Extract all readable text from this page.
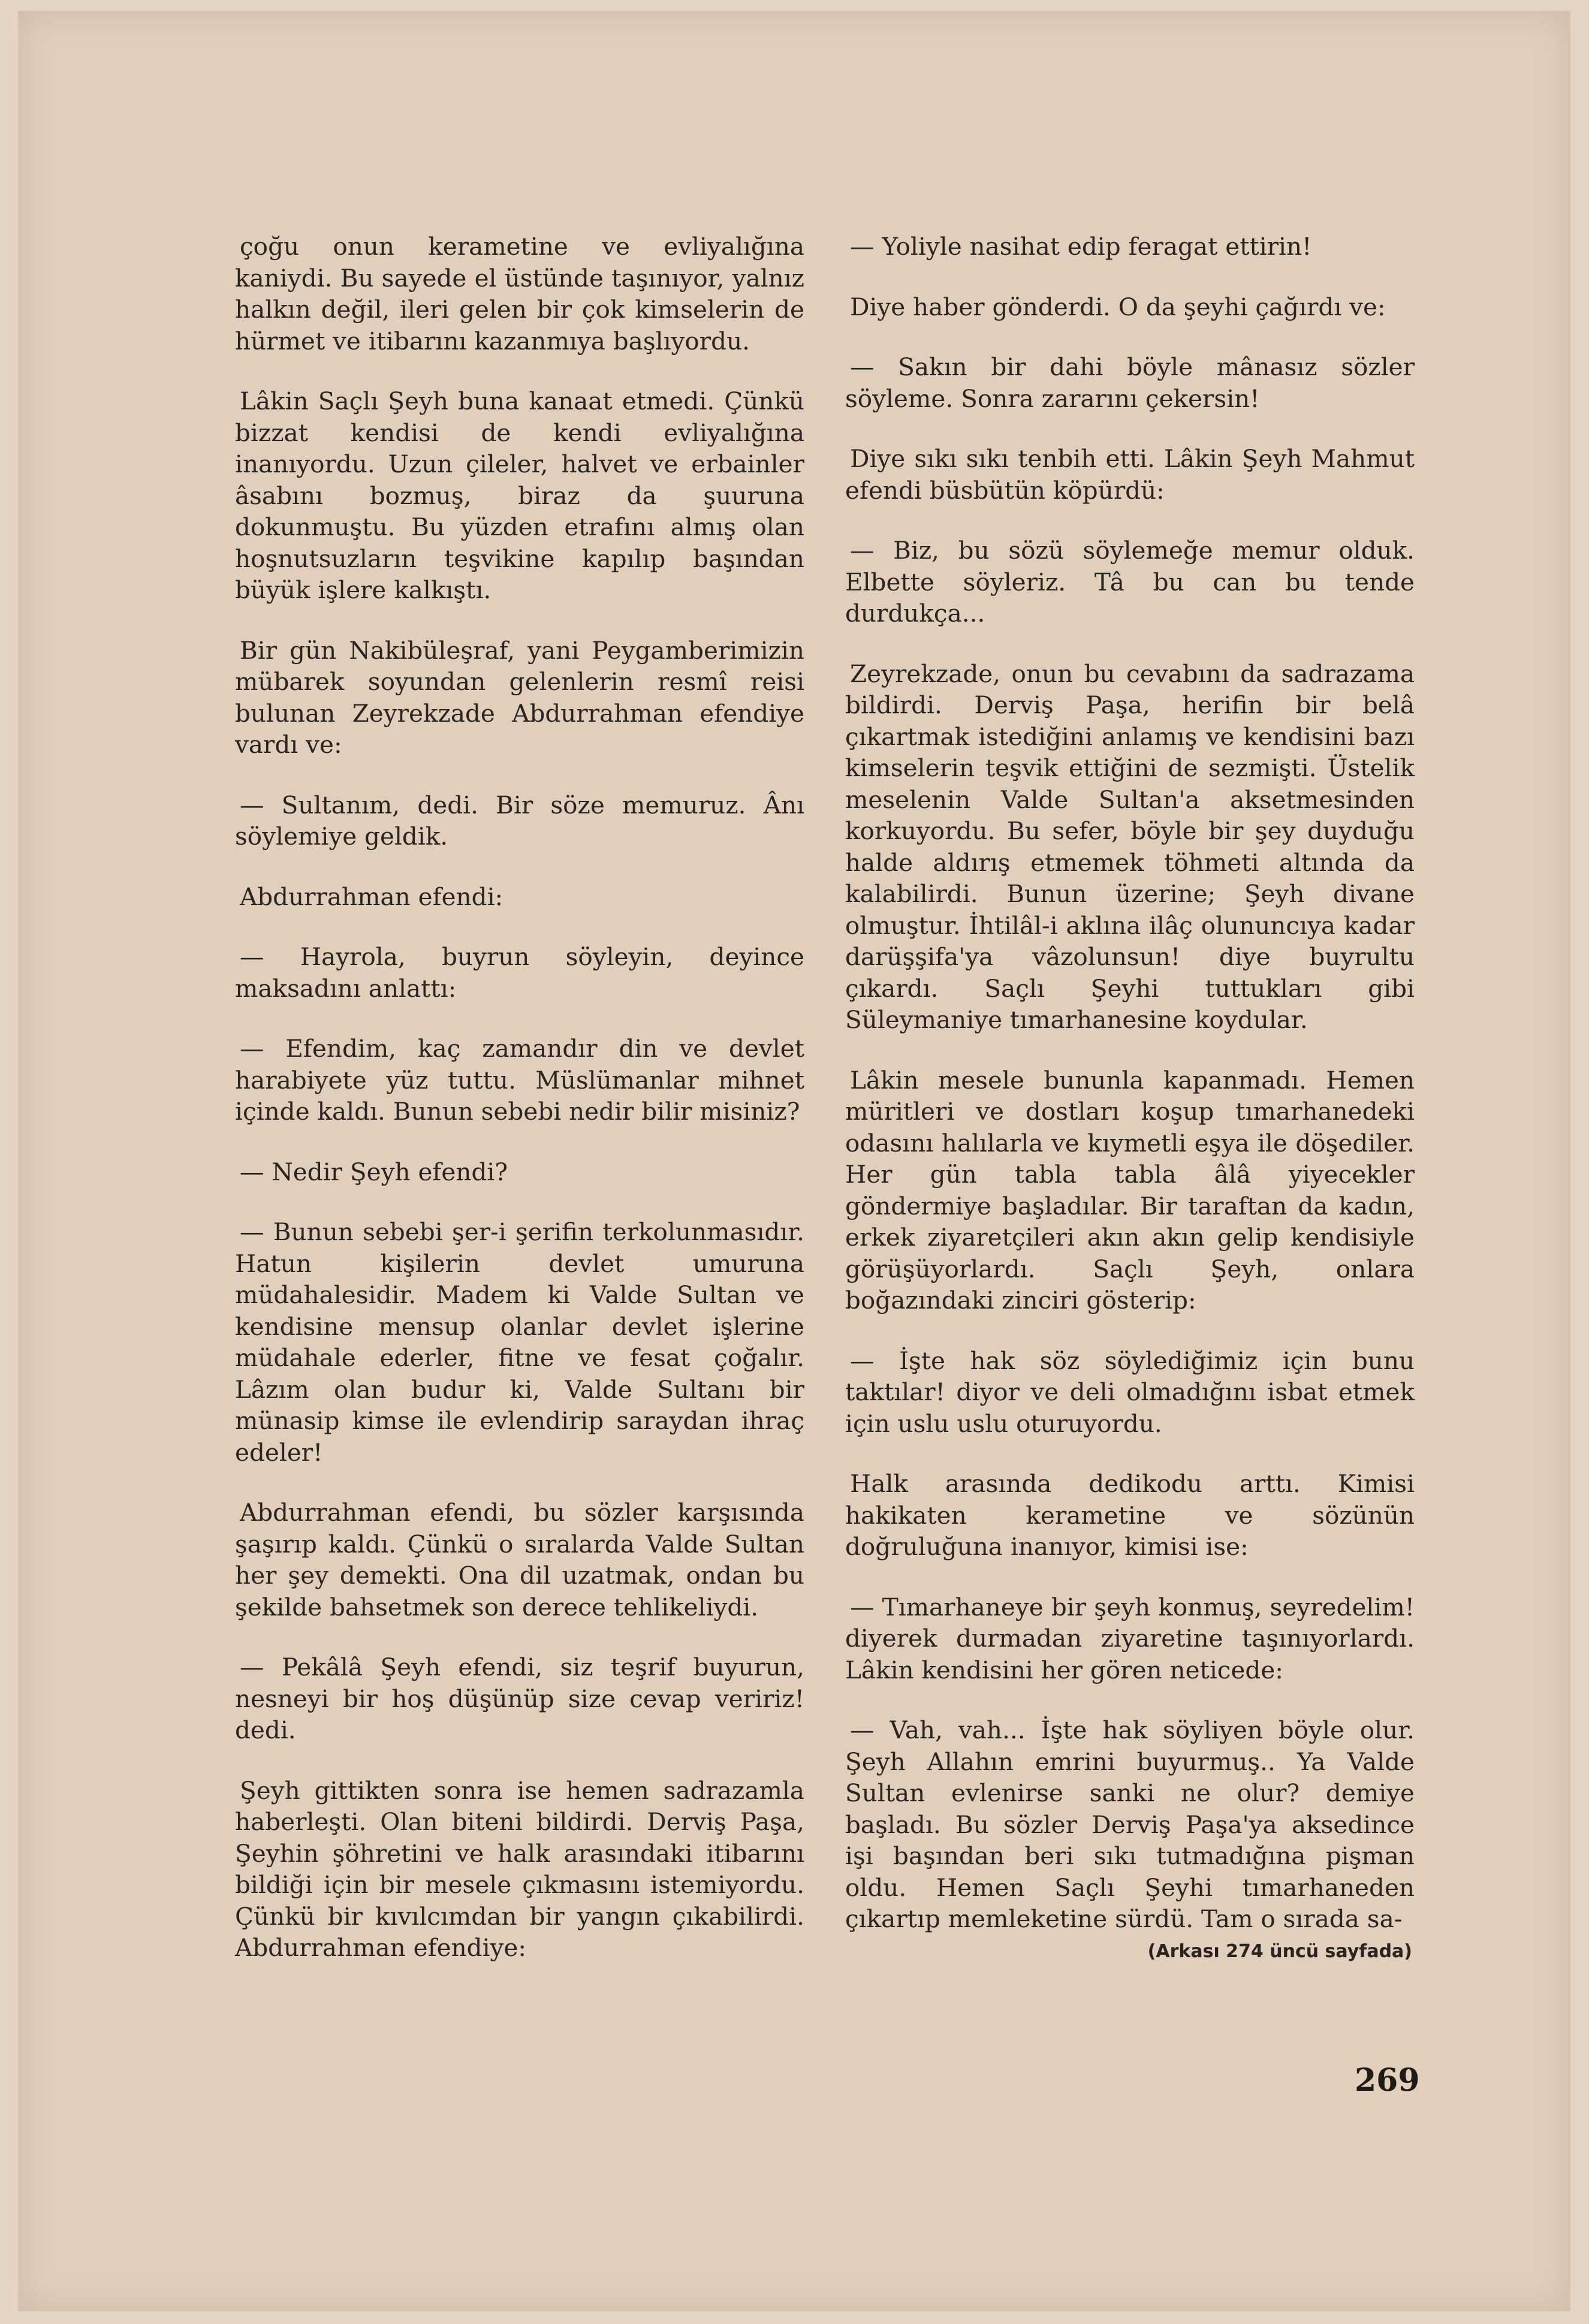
çoğu onun kerametine ve evliyalığına kaniydi. Bu sayede el üstünde taşınıyor, yalnız halkın değil, ileri gelen bir çok kimselerin de hürmet ve itibarını kazanmıya başlıyordu.

Lâkin Saçlı Şeyh buna kanaat etmedi. Çünkü bizzat kendisi de kendi evliyalığına inanıyordu. Uzun çileler, halvet ve erbainler âsabını bozmuş, biraz da şuuruna dokunmuştu. Bu yüzden etrafını almış olan hoşnutsuzların teşvikine kapılıp başından büyük işlere kalkıştı.

Bir gün Nakibüleşraf, yani Peygamberimizin mübarek soyundan gelenlerin resmî reisi bulunan Zeyrekzade Abdurrahman efendiye vardı ve:

— Sultanım, dedi. Bir söze memuruz. Ânı söylemiye geldik.

Abdurrahman efendi:

— Hayrola, buyrun söyleyin, deyince maksadını anlattı:

— Efendim, kaç zamandır din ve devlet harabiyete yüz tuttu. Müslümanlar mihnet içinde kaldı. Bunun sebebi nedir bilir misiniz?

— Nedir Şeyh efendi?

— Bunun sebebi şer-i şerifin terkolunmasıdır. Hatun kişilerin devlet umuruna müdahalesidir. Madem ki Valde Sultan ve kendisine mensup olanlar devlet işlerine müdahale ederler, fitne ve fesat çoğalır. Lâzım olan budur ki, Valde Sultanı bir münasip kimse ile evlendirip saraydan ihraç edeler!

Abdurrahman efendi, bu sözler karşısında şaşırıp kaldı. Çünkü o sıralarda Valde Sultan her şey demekti. Ona dil uzatmak, ondan bu şekilde bahsetmek son derece tehlikeliydi.

— Pekâlâ Şeyh efendi, siz teşrif buyurun, nesneyi bir hoş düşünüp size cevap veririz! dedi.

Şeyh gittikten sonra ise hemen sadrazamla haberleşti. Olan biteni bildirdi. Derviş Paşa, Şeyhin şöhretini ve halk arasındaki itibarını bildiği için bir mesele çıkmasını istemiyordu. Çünkü bir kıvılcımdan bir yangın çıkabilirdi. Abdurrahman efendiye:

— Yoliyle nasihat edip feragat ettirin!

Diye haber gönderdi. O da şeyhi çağırdı ve:

— Sakın bir dahi böyle mânasız sözler söyleme. Sonra zararını çekersin!

Diye sıkı sıkı tenbih etti. Lâkin Şeyh Mahmut efendi büsbütün köpürdü:

— Biz, bu sözü söylemeğe memur olduk. Elbette söyleriz. Tâ bu can bu tende durdukça...

Zeyrekzade, onun bu cevabını da sadrazama bildirdi. Derviş Paşa, herifin bir belâ çıkartmak istediğini anlamış ve kendisini bazı kimselerin teşvik ettiğini de sezmişti. Üstelik meselenin Valde Sultan'a aksetmesinden korkuyordu. Bu sefer, böyle bir şey duyduğu halde aldırış etmemek töhmeti altında da kalabilirdi. Bunun üzerine; Şeyh divane olmuştur. İhtilâl-i aklına ilâç olununcıya kadar darüşşifa'ya vâzolunsun! diye buyrultu çıkardı. Saçlı Şeyhi tuttukları gibi Süleymaniye tımarhanesine koydular.

Lâkin mesele bununla kapanmadı. Hemen müritleri ve dostları koşup tımarhanedeki odasını halılarla ve kıymetli eşya ile döşediler. Her gün tabla tabla âlâ yiyecekler göndermiye başladılar. Bir taraftan da kadın, erkek ziyaretçileri akın akın gelip kendisiyle görüşüyorlardı. Saçlı Şeyh, onlara boğazındaki zinciri gösterip:

— İşte hak söz söylediğimiz için bunu taktılar! diyor ve deli olmadığını isbat etmek için uslu uslu oturuyordu.

Halk arasında dedikodu arttı. Kimisi hakikaten kerametine ve sözünün doğruluğuna inanıyor, kimisi ise:

— Tımarhaneye bir şeyh konmuş, seyredelim! diyerek durmadan ziyaretine taşınıyorlardı. Lâkin kendisini her gören neticede:

— Vah, vah... İşte hak söyliyen böyle olur. Şeyh Allahın emrini buyurmuş.. Ya Valde Sultan evlenirse sanki ne olur? demiye başladı. Bu sözler Derviş Paşa'ya aksedince işi başından beri sıkı tutmadığına pişman oldu. Hemen Saçlı Şeyhi tımarhaneden çıkartıp memleketine sürdü. Tam o sırada sa-

(Arkası 274 üncü sayfada)
269
